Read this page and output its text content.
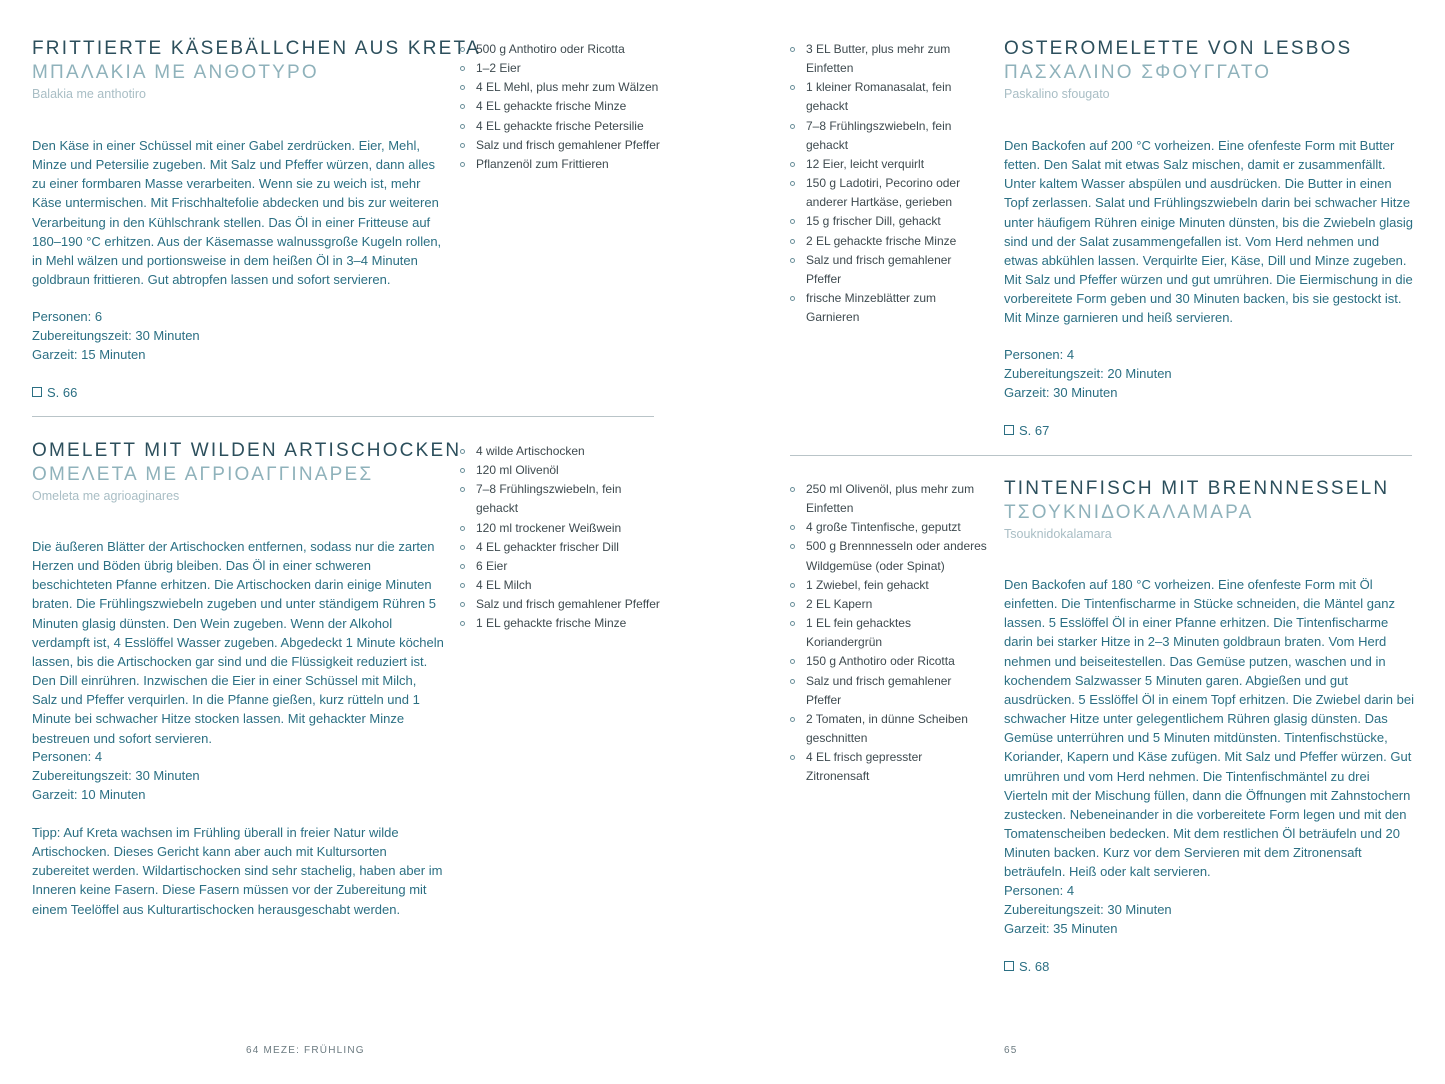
FRITTIERTE KÄSEBÄLLCHEN AUS KRETA
ΜΠΑΛΑΚΙΑ ΜΕ ΑΝΘΟΤΥΡΟ
Balakia me anthotiro
500 g Anthotiro oder Ricotta
1–2 Eier
4 EL Mehl, plus mehr zum Wälzen
4 EL gehackte frische Minze
4 EL gehackte frische Petersilie
Salz und frisch gemahlener Pfeffer
Pflanzenöl zum Frittieren

Den Käse in einer Schüssel mit einer Gabel zerdrücken. Eier, Mehl, Minze und Petersilie zugeben. Mit Salz und Pfeffer würzen, dann alles zu einer formbaren Masse verarbeiten. Wenn sie zu weich ist, mehr Käse untermischen. Mit Frischhaltefolie abdecken und bis zur weiteren Verarbeitung in den Kühlschrank stellen. Das Öl in einer Fritteuse auf 180–190 °C erhitzen. Aus der Käsemasse walnussgroße Kugeln rollen, in Mehl wälzen und portionsweise in dem heißen Öl in 3–4 Minuten goldbraun frittieren. Gut abtropfen lassen und sofort servieren.

Personen: 6

Zubereitungszeit: 30 Minuten

Garzeit: 15 Minuten

S. 66
OMELETT MIT WILDEN ARTISCHOCKEN
ΟΜΕΛΕΤΑ ΜΕ ΑΓΡΙΟΑΓΓΙΝΑΡΕΣ
Omeleta me agrioaginares
4 wilde Artischocken
120 ml Olivenöl
7–8 Frühlingszwiebeln, fein gehackt
120 ml trockener Weißwein
4 EL gehackter frischer Dill
6 Eier
4 EL Milch
Salz und frisch gemahlener Pfeffer
1 EL gehackte frische Minze

Die äußeren Blätter der Artischocken entfernen, sodass nur die zarten Herzen und Böden übrig bleiben. Das Öl in einer schweren beschichteten Pfanne erhitzen. Die Artischocken darin einige Minuten braten. Die Frühlingszwiebeln zugeben und unter ständigem Rühren 5 Minuten glasig dünsten. Den Wein zugeben. Wenn der Alkohol verdampft ist, 4 Esslöffel Wasser zugeben. Abgedeckt 1 Minute köcheln lassen, bis die Artischocken gar sind und die Flüssigkeit reduziert ist. Den Dill einrühren. Inzwischen die Eier in einer Schüssel mit Milch, Salz und Pfeffer verquirlen. In die Pfanne gießen, kurz rütteln und 1 Minute bei schwacher Hitze stocken lassen. Mit gehackter Minze bestreuen und sofort servieren.

Personen: 4

Zubereitungszeit: 30 Minuten

Garzeit: 10 Minuten

Tipp: Auf Kreta wachsen im Frühling überall in freier Natur wilde Artischocken. Dieses Gericht kann aber auch mit Kultursorten zubereitet werden. Wildartischocken sind sehr stachelig, haben aber im Inneren keine Fasern. Diese Fasern müssen vor der Zubereitung mit einem Teelöffel aus Kulturartischocken herausgeschabt werden.

64 MEZE: FRÜHLING
3 EL Butter, plus mehr zum Einfetten
1 kleiner Romanasalat, fein gehackt
7–8 Frühlingszwiebeln, fein gehackt
12 Eier, leicht verquirlt
150 g Ladotiri, Pecorino oder anderer Hartkäse, gerieben
15 g frischer Dill, gehackt
2 EL gehackte frische Minze
Salz und frisch gemahlener Pfeffer
frische Minzeblätter zum Garnieren
OSTEROMELETTE VON LESBOS
ΠΑΣΧΑΛΙΝΟ ΣΦΟΥΓΓΑΤΟ
Paskalino sfougato

Den Backofen auf 200 °C vorheizen. Eine ofenfeste Form mit Butter fetten. Den Salat mit etwas Salz mischen, damit er zusammenfällt. Unter kaltem Wasser abspülen und ausdrücken. Die Butter in einen Topf zerlassen. Salat und Frühlingszwiebeln darin bei schwacher Hitze unter häufigem Rühren einige Minuten dünsten, bis die Zwiebeln glasig sind und der Salat zusammengefallen ist. Vom Herd nehmen und etwas abkühlen lassen. Verquirlte Eier, Käse, Dill und Minze zugeben. Mit Salz und Pfeffer würzen und gut umrühren. Die Eiermischung in die vorbereitete Form geben und 30 Minuten backen, bis sie gestockt ist. Mit Minze garnieren und heiß servieren.

Personen: 4

Zubereitungszeit: 20 Minuten

Garzeit: 30 Minuten

S. 67
250 ml Olivenöl, plus mehr zum Einfetten
4 große Tintenfische, geputzt
500 g Brennnesseln oder anderes Wildgemüse (oder Spinat)
1 Zwiebel, fein gehackt
2 EL Kapern
1 EL fein gehacktes Koriandergrün
150 g Anthotiro oder Ricotta
Salz und frisch gemahlener Pfeffer
2 Tomaten, in dünne Scheiben geschnitten
4 EL frisch gepresster Zitronensaft
TINTENFISCH MIT BRENNNESSELN
ΤΣΟΥΚΝΙΔΟΚΑΛΑΜΑΡΑ
Tsouknidokalamara

Den Backofen auf 180 °C vorheizen. Eine ofenfeste Form mit Öl einfetten. Die Tintenfischarme in Stücke schneiden, die Mäntel ganz lassen. 5 Esslöffel Öl in einer Pfanne erhitzen. Die Tintenfischarme darin bei starker Hitze in 2–3 Minuten goldbraun braten. Vom Herd nehmen und beiseitestellen. Das Gemüse putzen, waschen und in kochendem Salzwasser 5 Minuten garen. Abgießen und gut ausdrücken. 5 Esslöffel Öl in einem Topf erhitzen. Die Zwiebel darin bei schwacher Hitze unter gelegentlichem Rühren glasig dünsten. Das Gemüse unterrühren und 5 Minuten mitdünsten. Tintenfischstücke, Koriander, Kapern und Käse zufügen. Mit Salz und Pfeffer würzen. Gut umrühren und vom Herd nehmen. Die Tintenfischmäntel zu drei Vierteln mit der Mischung füllen, dann die Öffnungen mit Zahnstochern zustecken. Nebeneinander in die vorbereitete Form legen und mit den Tomatenscheiben bedecken. Mit dem restlichen Öl beträufeln und 20 Minuten backen. Kurz vor dem Servieren mit dem Zitronensaft beträufeln. Heiß oder kalt servieren.

Personen: 4

Zubereitungszeit: 30 Minuten

Garzeit: 35 Minuten

S. 68
65
